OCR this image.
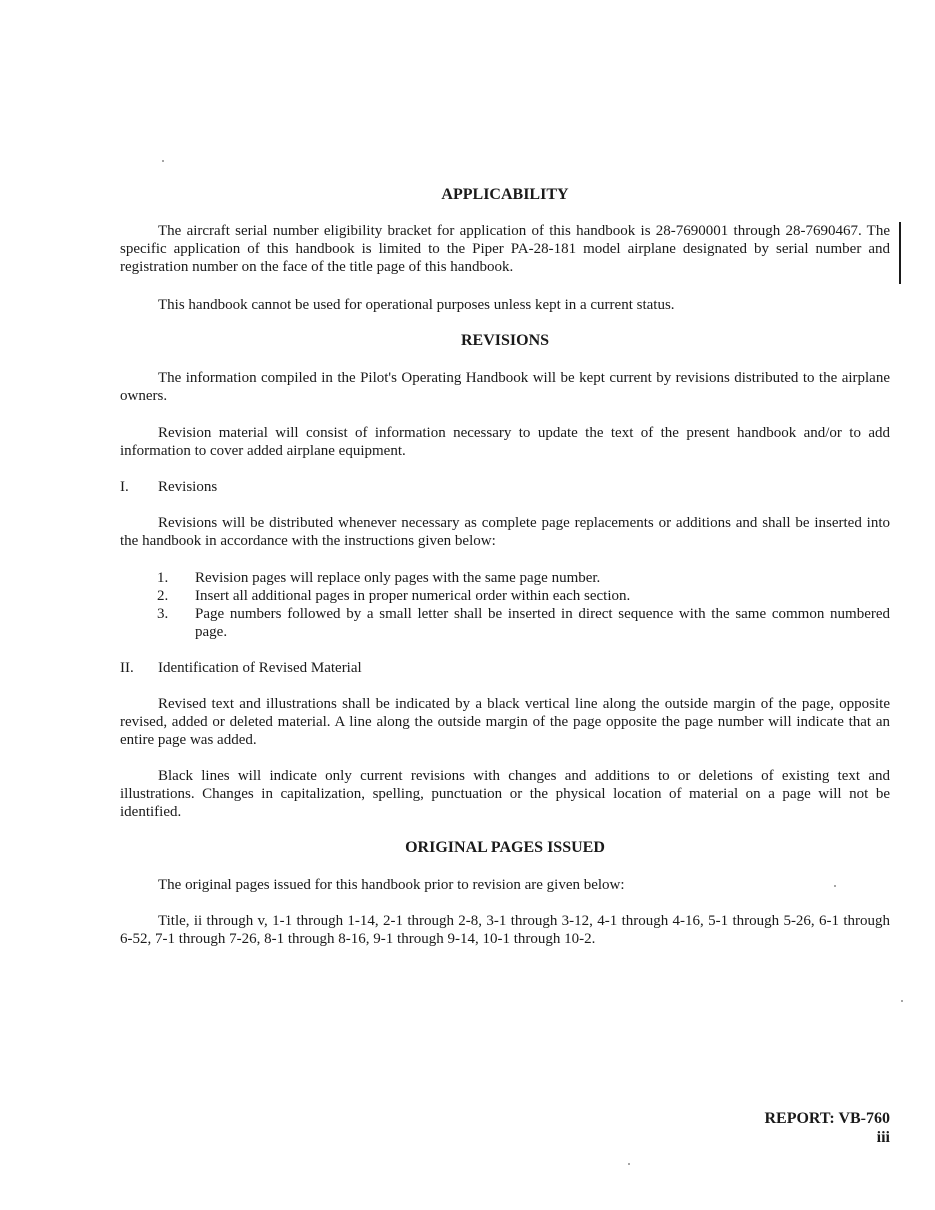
APPLICABILITY

The aircraft serial number eligibility bracket for application of this handbook is 28-7690001 through 28-7690467. The specific application of this handbook is limited to the Piper PA-28-181 model airplane designated by serial number and registration number on the face of the title page of this handbook.

This handbook cannot be used for operational purposes unless kept in a current status.

REVISIONS

The information compiled in the Pilot's Operating Handbook will be kept current by revisions distributed to the airplane owners.

Revision material will consist of information necessary to update the text of the present handbook and/or to add information to cover added airplane equipment.

I. Revisions

Revisions will be distributed whenever necessary as complete page replacements or additions and shall be inserted into the handbook in accordance with the instructions given below:

1. Revision pages will replace only pages with the same page number.
2. Insert all additional pages in proper numerical order within each section.
3. Page numbers followed by a small letter shall be inserted in direct sequence with the same common numbered page.
II. Identification of Revised Material

Revised text and illustrations shall be indicated by a black vertical line along the outside margin of the page, opposite revised, added or deleted material. A line along the outside margin of the page opposite the page number will indicate that an entire page was added.

Black lines will indicate only current revisions with changes and additions to or deletions of existing text and illustrations. Changes in capitalization, spelling, punctuation or the physical location of material on a page will not be identified.

ORIGINAL PAGES ISSUED

The original pages issued for this handbook prior to revision are given below:

Title, ii through v, 1-1 through 1-14, 2-1 through 2-8, 3-1 through 3-12, 4-1 through 4-16, 5-1 through 5-26, 6-1 through 6-52, 7-1 through 7-26, 8-1 through 8-16, 9-1 through 9-14, 10-1 through 10-2.

REPORT: VB-760
iii
